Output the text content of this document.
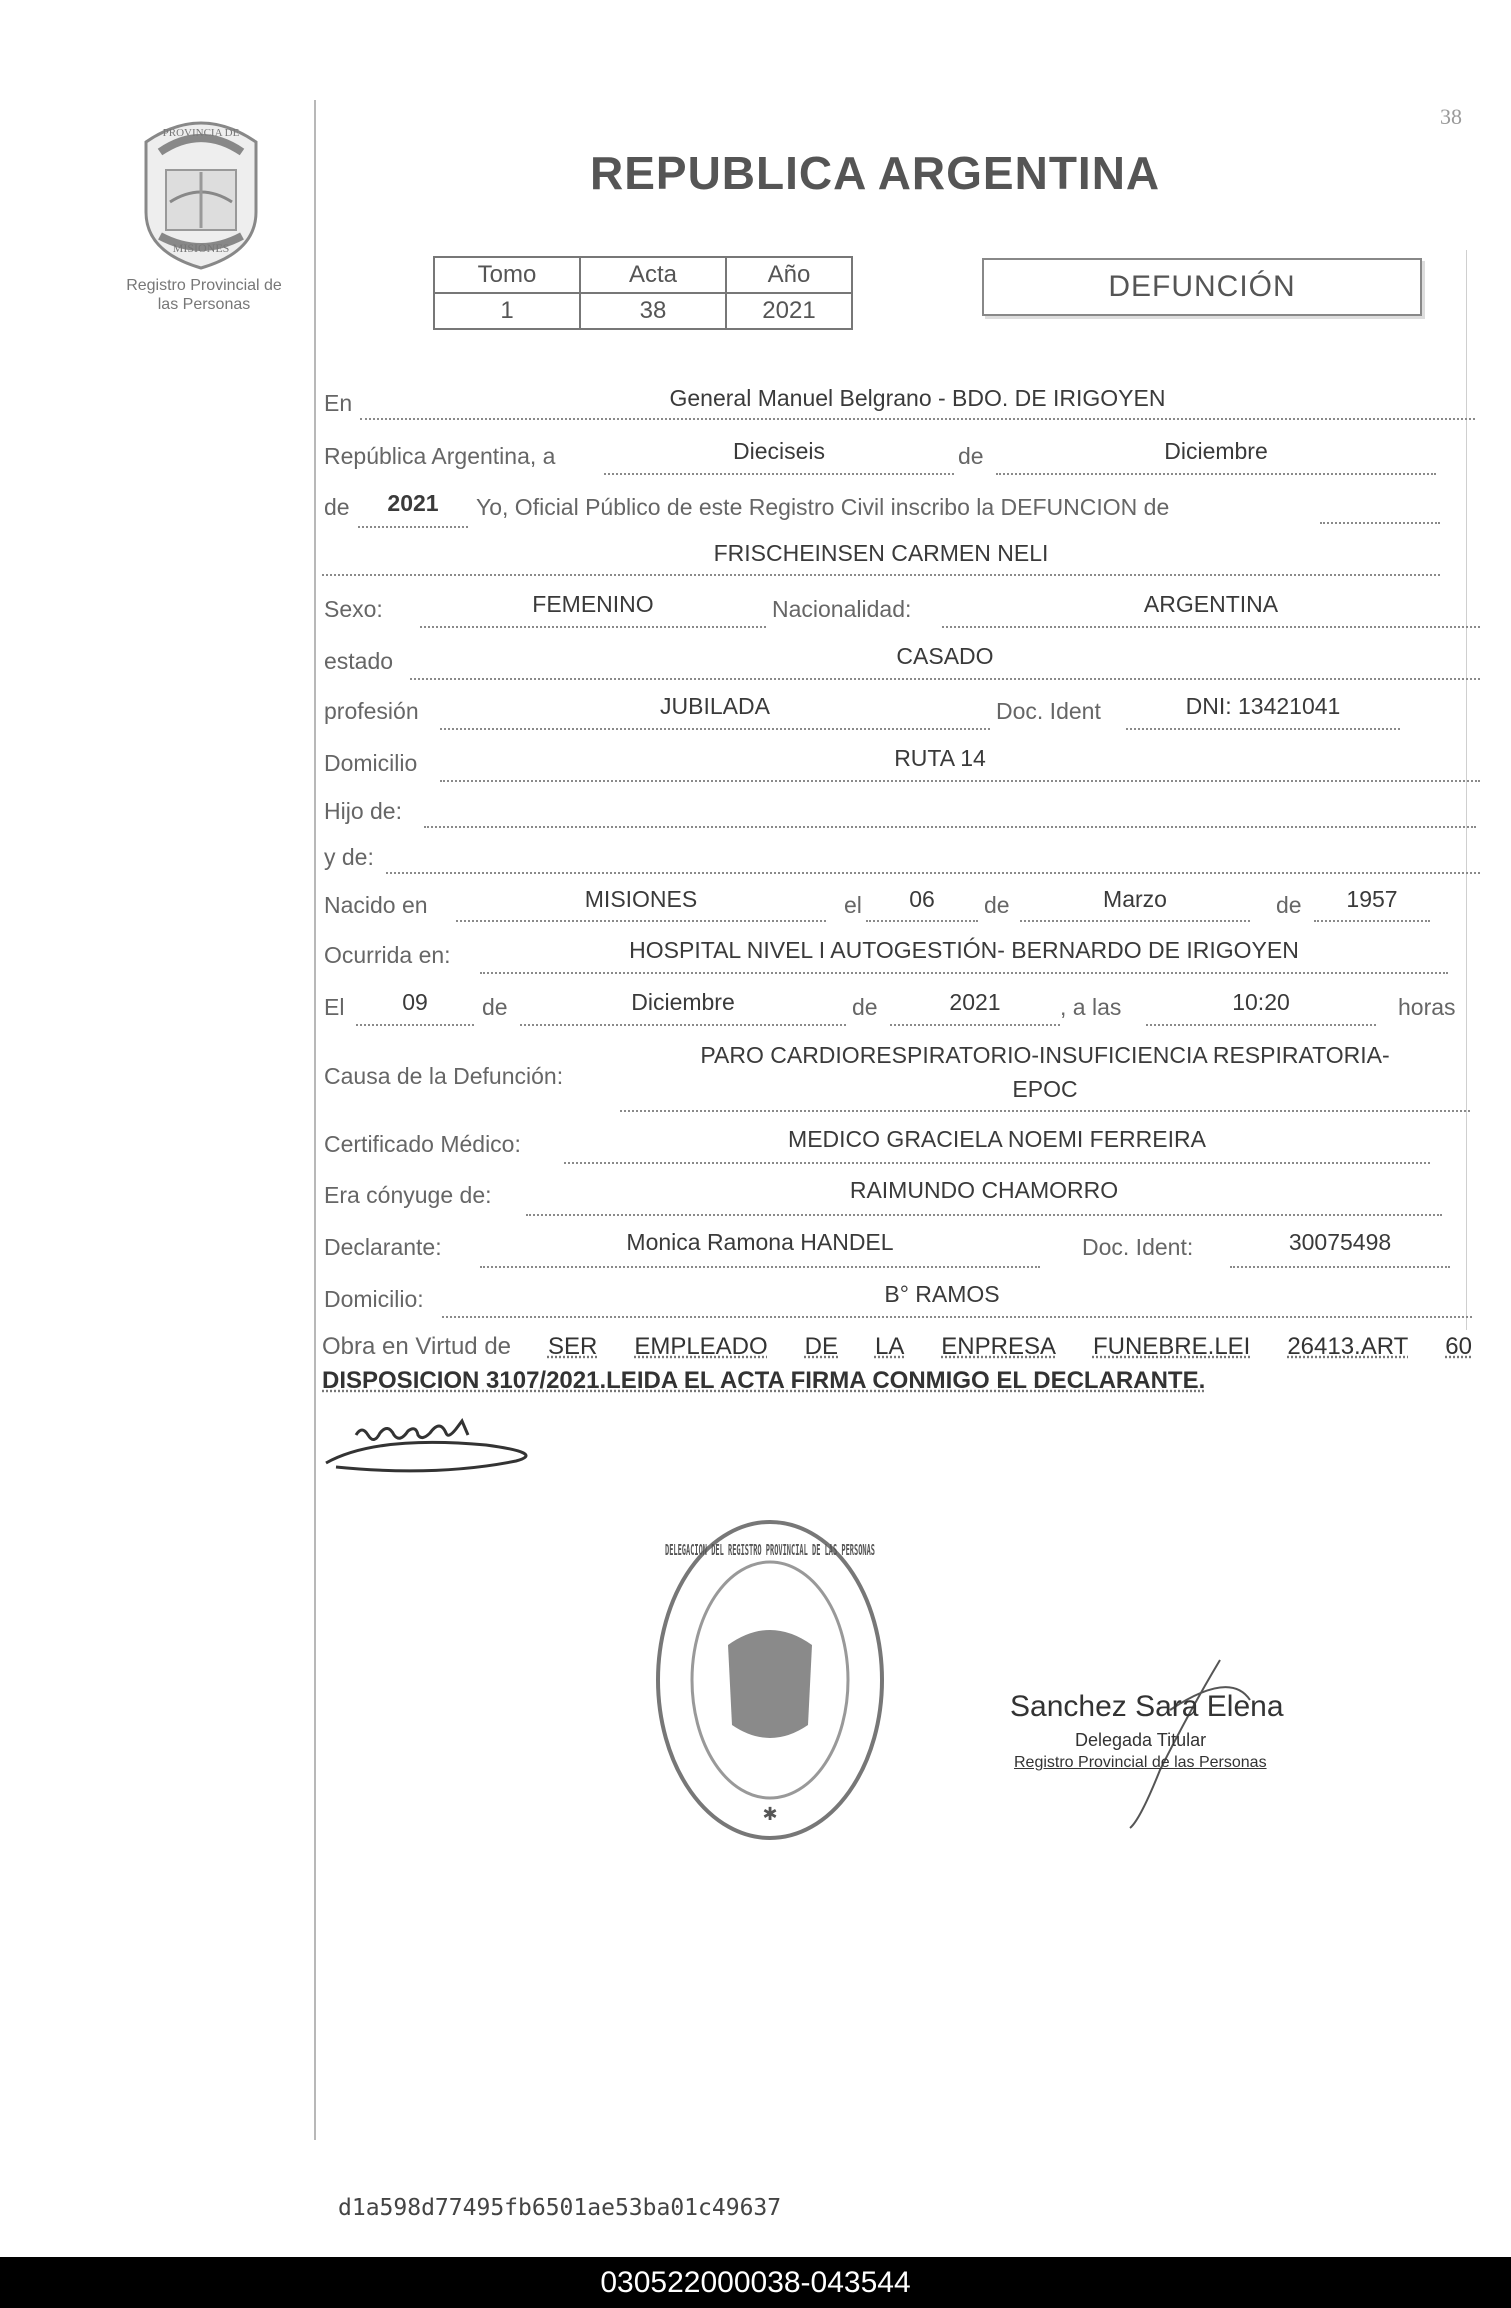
38
PROVINCIA DE
MISIONES
Registro Provincial de
las Personas
REPUBLICA ARGENTINA
Tomo	Acta	Año
1	38	2021
DEFUNCIÓN
En	General Manuel Belgrano - BDO. DE IRIGOYEN
República Argentina, a	Dieciseis	de	Diciembre
de	2021	Yo, Oficial Público de este Registro Civil inscribo la DEFUNCION de
FRISCHEINSEN CARMEN NELI
Sexo:	FEMENINO	Nacionalidad:	ARGENTINA
estado	CASADO
profesión	JUBILADA	Doc. Ident	DNI: 13421041
Domicilio	RUTA 14
Hijo de:
y de:
Nacido en	MISIONES	el	06	de	Marzo	de	1957
Ocurrida en:	HOSPITAL NIVEL I AUTOGESTIÓN- BERNARDO DE IRIGOYEN
El	09	de	Diciembre	de	2021	, a las	10:20	horas
Causa de la Defunción:
PARO CARDIORESPIRATORIO-INSUFICIENCIA RESPIRATORIA-
EPOC
Certificado Médico:	MEDICO GRACIELA NOEMI FERREIRA
Era cónyuge de:	RAIMUNDO CHAMORRO
Declarante:	Monica Ramona HANDEL	Doc. Ident:	30075498
Domicilio:	B° RAMOS
Obra en Virtud de SER EMPLEADO DE LA ENPRESA FUNEBRE.LEI 26413.ART 60
DISPOSICION 3107/2021.LEIDA EL ACTA FIRMA CONMIGO EL DECLARANTE.
monica
DELEGACION DEL REGISTRO PROVINCIAL DE LAS PERSONAS
✱
Sanchez Sara Elena
Delegada Titular
Registro Provincial de las Personas
d1a598d77495fb6501ae53ba01c49637
030522000038-043544
